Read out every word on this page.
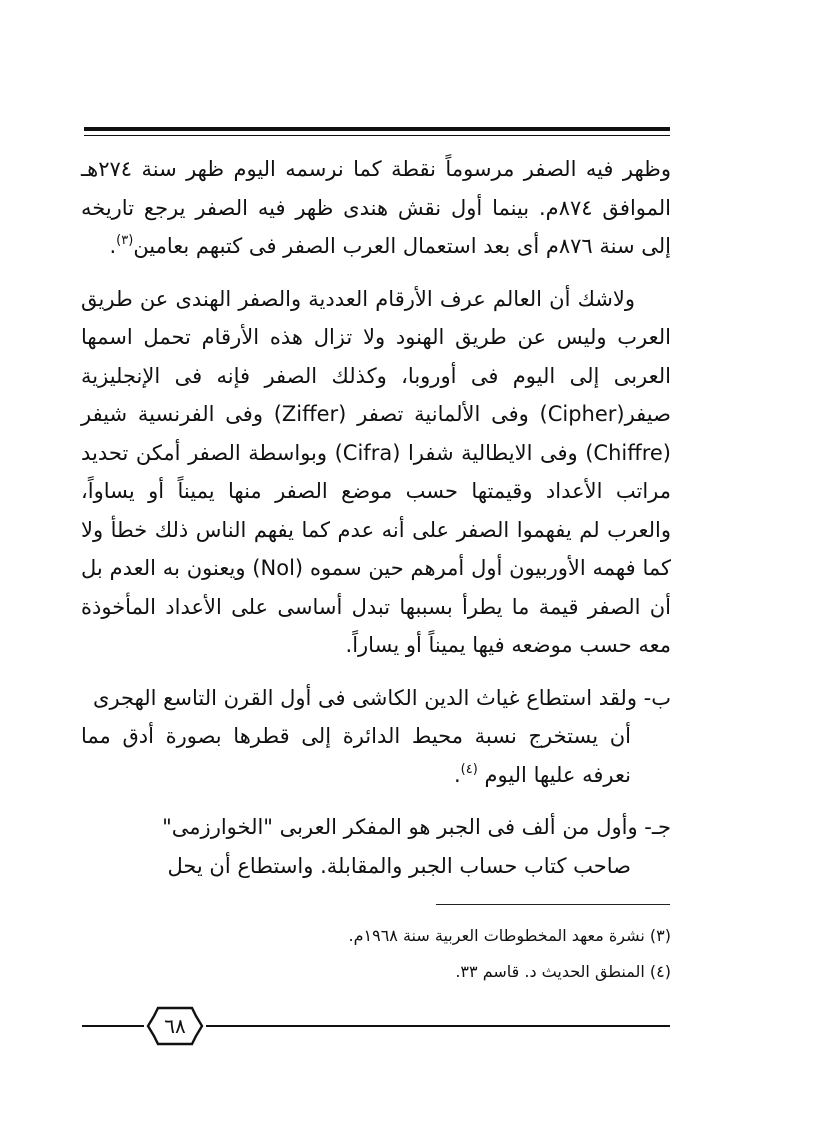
وظهر فيه الصفر مرسوماً نقطة كما نرسمه اليوم ظهر سنة ٢٧٤هـ الموافق ٨٧٤م. بينما أول نقش هندى ظهر فيه الصفر يرجع تاريخه إلى سنة ٨٧٦م أى بعد استعمال العرب الصفر فى كتبهم بعامين$^{(٣)}$.

ولاشك أن العالم عرف الأرقام العددية والصفر الهندى عن طريق العرب وليس عن طريق الهنود ولا تزال هذه الأرقام تحمل اسمها العربى إلى اليوم فى أوروبا، وكذلك الصفر فإنه فى الإنجليزية صيفر(Cipher) وفى الألمانية تصفر (Ziffer) وفى الفرنسية شيفر (Chiffre) وفى الايطالية شفرا (Cifra) وبواسطة الصفر أمكن تحديد مراتب الأعداد وقيمتها حسب موضع الصفر منها يميناً أو يساواً، والعرب لم يفهموا الصفر على أنه عدم كما يفهم الناس ذلك خطأ ولا كما فهمه الأوربيون أول أمرهم حين سموه (Nol) ويعنون به العدم بل أن الصفر قيمة ما يطرأ بسببها تبدل أساسى على الأعداد المأخوذة معه حسب موضعه فيها يميناً أو يساراً.

ب- ولقد استطاع غياث الدين الكاشى فى أول القرن التاسع الهجرى
أن يستخرج نسبة محيط الدائرة إلى قطرها بصورة أدق مما نعرفه عليها اليوم $^{(٤)}$.

جـ- وأول من ألف فى الجبر هو المفكر العربى "الخوارزمى"
صاحب كتاب حساب الجبر والمقابلة. واستطاع أن يحل

(٣) نشرة معهد المخطوطات العربية سنة ١٩٦٨م.

(٤) المنطق الحديث د. قاسم ٣٣.

٦٨
